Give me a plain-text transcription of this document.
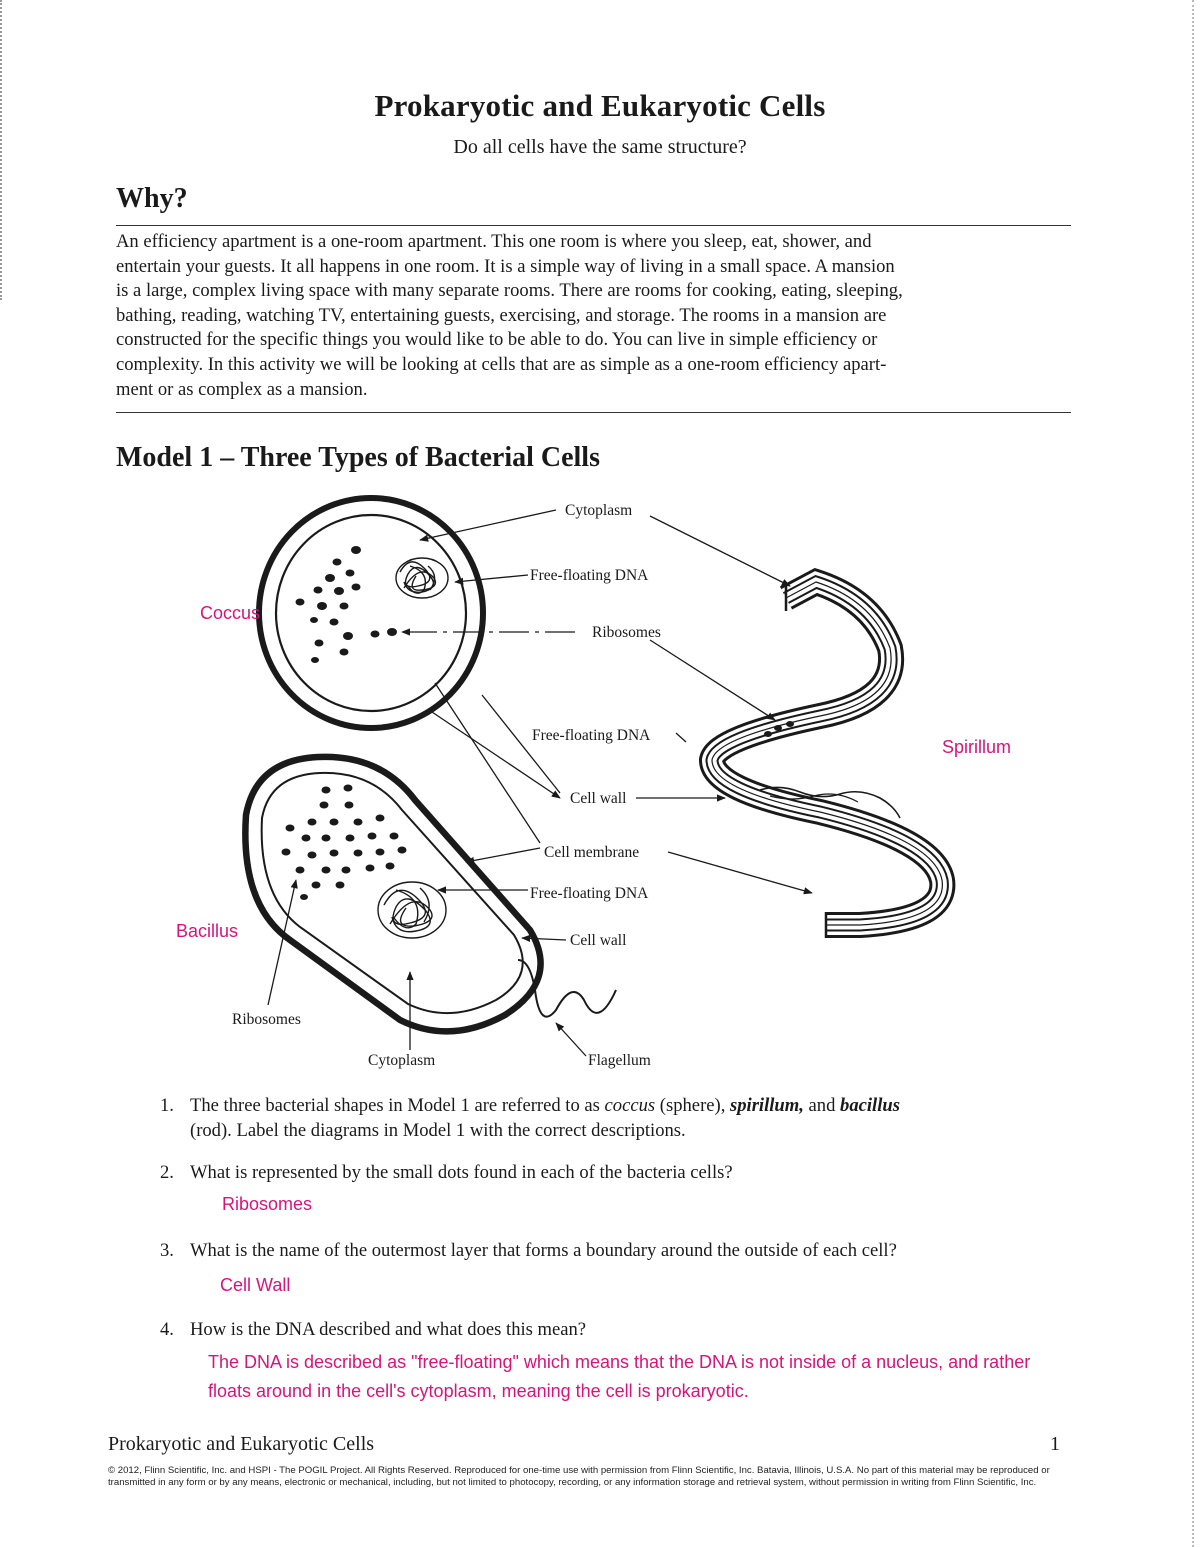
Prokaryotic and Eukaryotic Cells
Do all cells have the same structure?
Why?
An efficiency apartment is a one-room apartment. This one room is where you sleep, eat, shower, and
entertain your guests. It all happens in one room. It is a simple way of living in a small space. A mansion
is a large, complex living space with many separate rooms. There are rooms for cooking, eating, sleeping,
bathing, reading, watching TV, entertaining guests, exercising, and storage. The rooms in a mansion are
constructed for the specific things you would like to be able to do. You can live in simple efficiency or
complexity. In this activity we will be looking at cells that are as simple as a one-room efficiency apart-
ment or as complex as a mansion.
Model 1 – Three Types of Bacterial Cells
Cytoplasm
Free-floating DNA
Ribosomes
Free-floating DNA
Cell wall
Cell membrane
Free-floating DNA
Cell wall
Ribosomes
Cytoplasm	Flagellum
Coccus
Spirillum
Bacillus
1. The three bacterial shapes in Model 1 are referred to as coccus (sphere), spirillum, and bacillus
(rod). Label the diagrams in Model 1 with the correct descriptions.
2. What is represented by the small dots found in each of the bacteria cells?
Ribosomes
3. What is the name of the outermost layer that forms a boundary around the outside of each cell?
Cell Wall
4. How is the DNA described and what does this mean?
The DNA is described as "free-floating" which means that the DNA is not inside of a nucleus, and rather
floats around in the cell's cytoplasm, meaning the cell is prokaryotic.
Prokaryotic and Eukaryotic Cells	1
© 2012, Flinn Scientific, Inc. and HSPI - The POGIL Project. All Rights Reserved. Reproduced for one-time use with permission from Flinn Scientific, Inc. Batavia, Illinois, U.S.A. No part of this material may be reproduced or transmitted in any form or by any means, electronic or mechanical, including, but not limited to photocopy, recording, or any information storage and retrieval system, without permission in writing from Flinn Scientific, Inc.
